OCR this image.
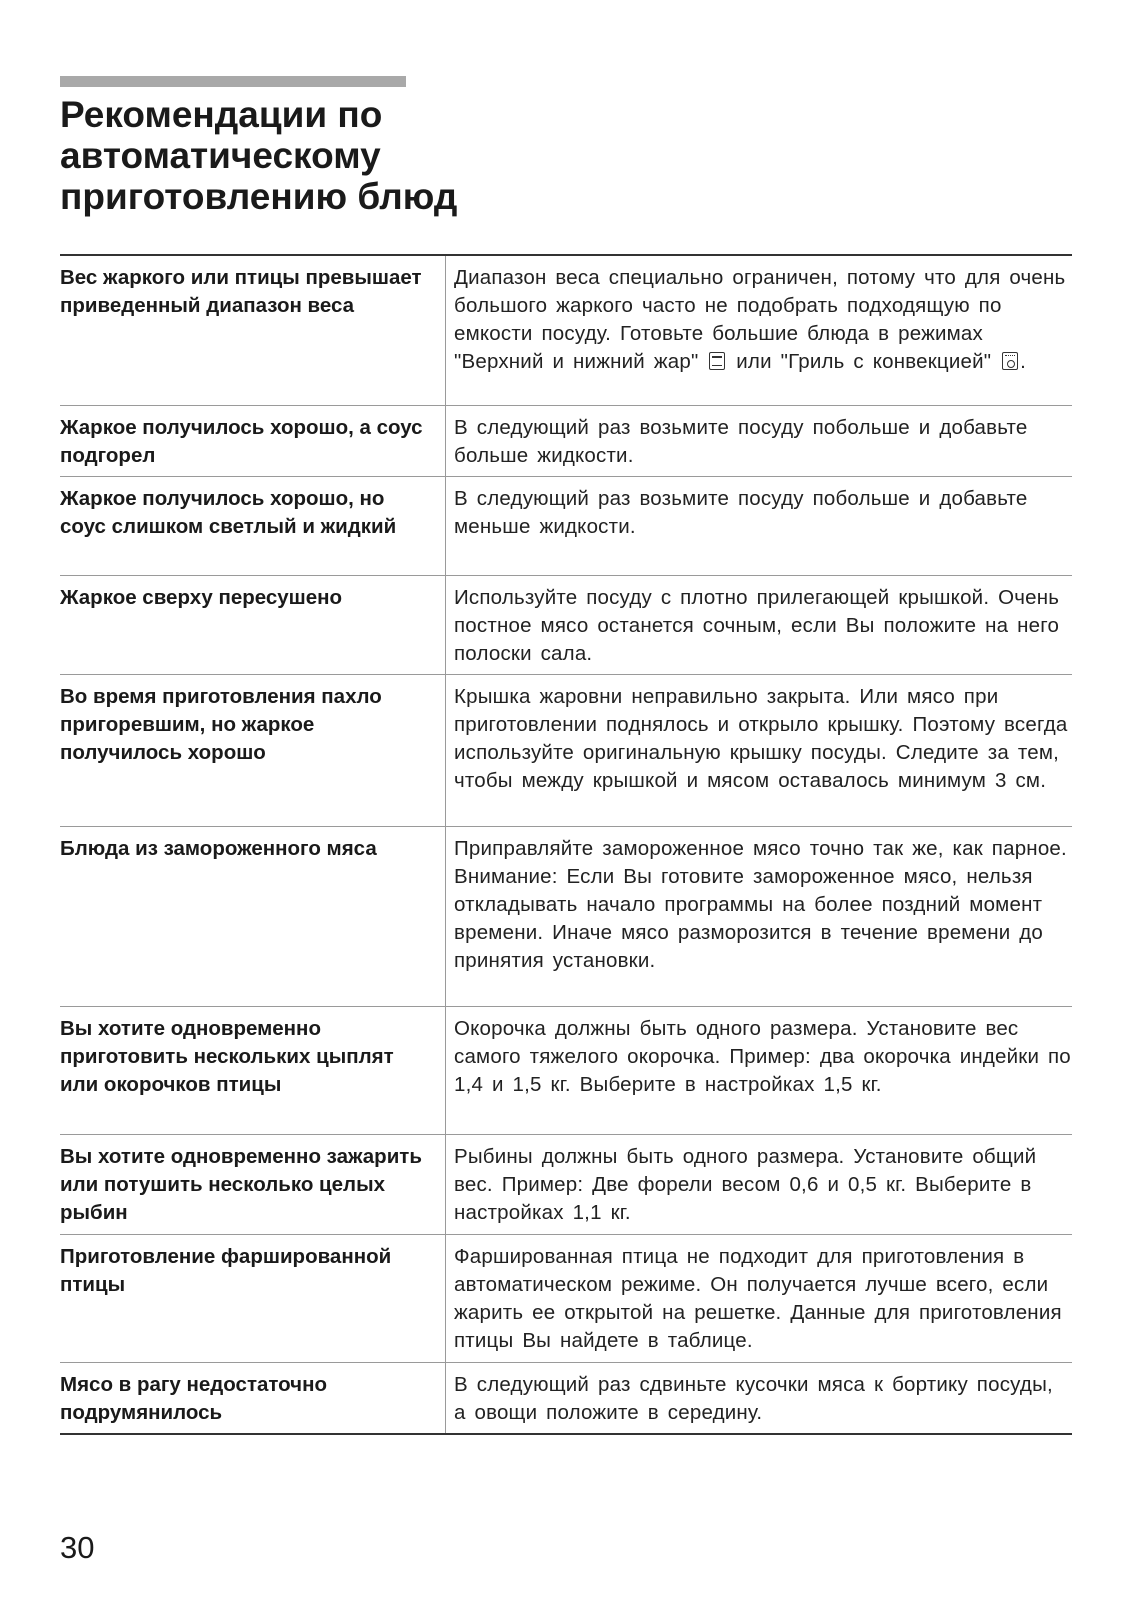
Рекомендации по автоматическому приготовлению блюд
Вес жаркого или птицы превышает приведенный диапазон веса
Диапазон веса специально ограничен, потому что для очень большого жаркого часто не подобрать подходящую по емкости посуду. Готовьте большие блюда в режимах "Верхний и нижний жар" или "Гриль с конвекцией" .
Жаркое получилось хорошо, а соус подгорел
В следующий раз возьмите посуду побольше и добавьте больше жидкости.
Жаркое получилось хорошо, но соус слишком светлый и жидкий
В следующий раз возьмите посуду побольше и добавьте меньше жидкости.
Жаркое сверху пересушено	Используйте посуду с плотно прилегающей крышкой. Очень постное мясо останется сочным, если Вы положите на него полоски сала.
Во время приготовления пахло пригоревшим, но жаркое получилось хорошо
Крышка жаровни неправильно закрыта. Или мясо при приготовлении поднялось и открыло крышку. Поэтому всегда используйте оригинальную крышку посуды. Следите за тем, чтобы между крышкой и мясом оставалось минимум 3 см.
Блюда из замороженного мяса	Приправляйте замороженное мясо точно так же, как парное.
Внимание: Если Вы готовите замороженное мясо, нельзя откладывать начало программы на более поздний момент времени. Иначе мясо разморозится в течение времени до принятия установки.
Вы хотите одновременно приготовить нескольких цыплят или окорочков птицы
Окорочка должны быть одного размера. Установите вес самого тяжелого окорочка. Пример: два окорочка индейки по 1,4 и 1,5 кг. Выберите в настройках 1,5 кг.
Вы хотите одновременно зажарить или потушить несколько целых рыбин
Рыбины должны быть одного размера. Установите общий вес. Пример: Две форели весом 0,6 и 0,5 кг. Выберите в настройках 1,1 кг.
Приготовление фаршированной птицы
Фаршированная птица не подходит для приготовления в автоматическом режиме. Он получается лучше всего, если жарить ее открытой на решетке. Данные для приготовления птицы Вы найдете в таблице.
Мясо в рагу недостаточно подрумянилось
В следующий раз сдвиньте кусочки мяса к бортику посуды, а овощи положите в середину.
30
